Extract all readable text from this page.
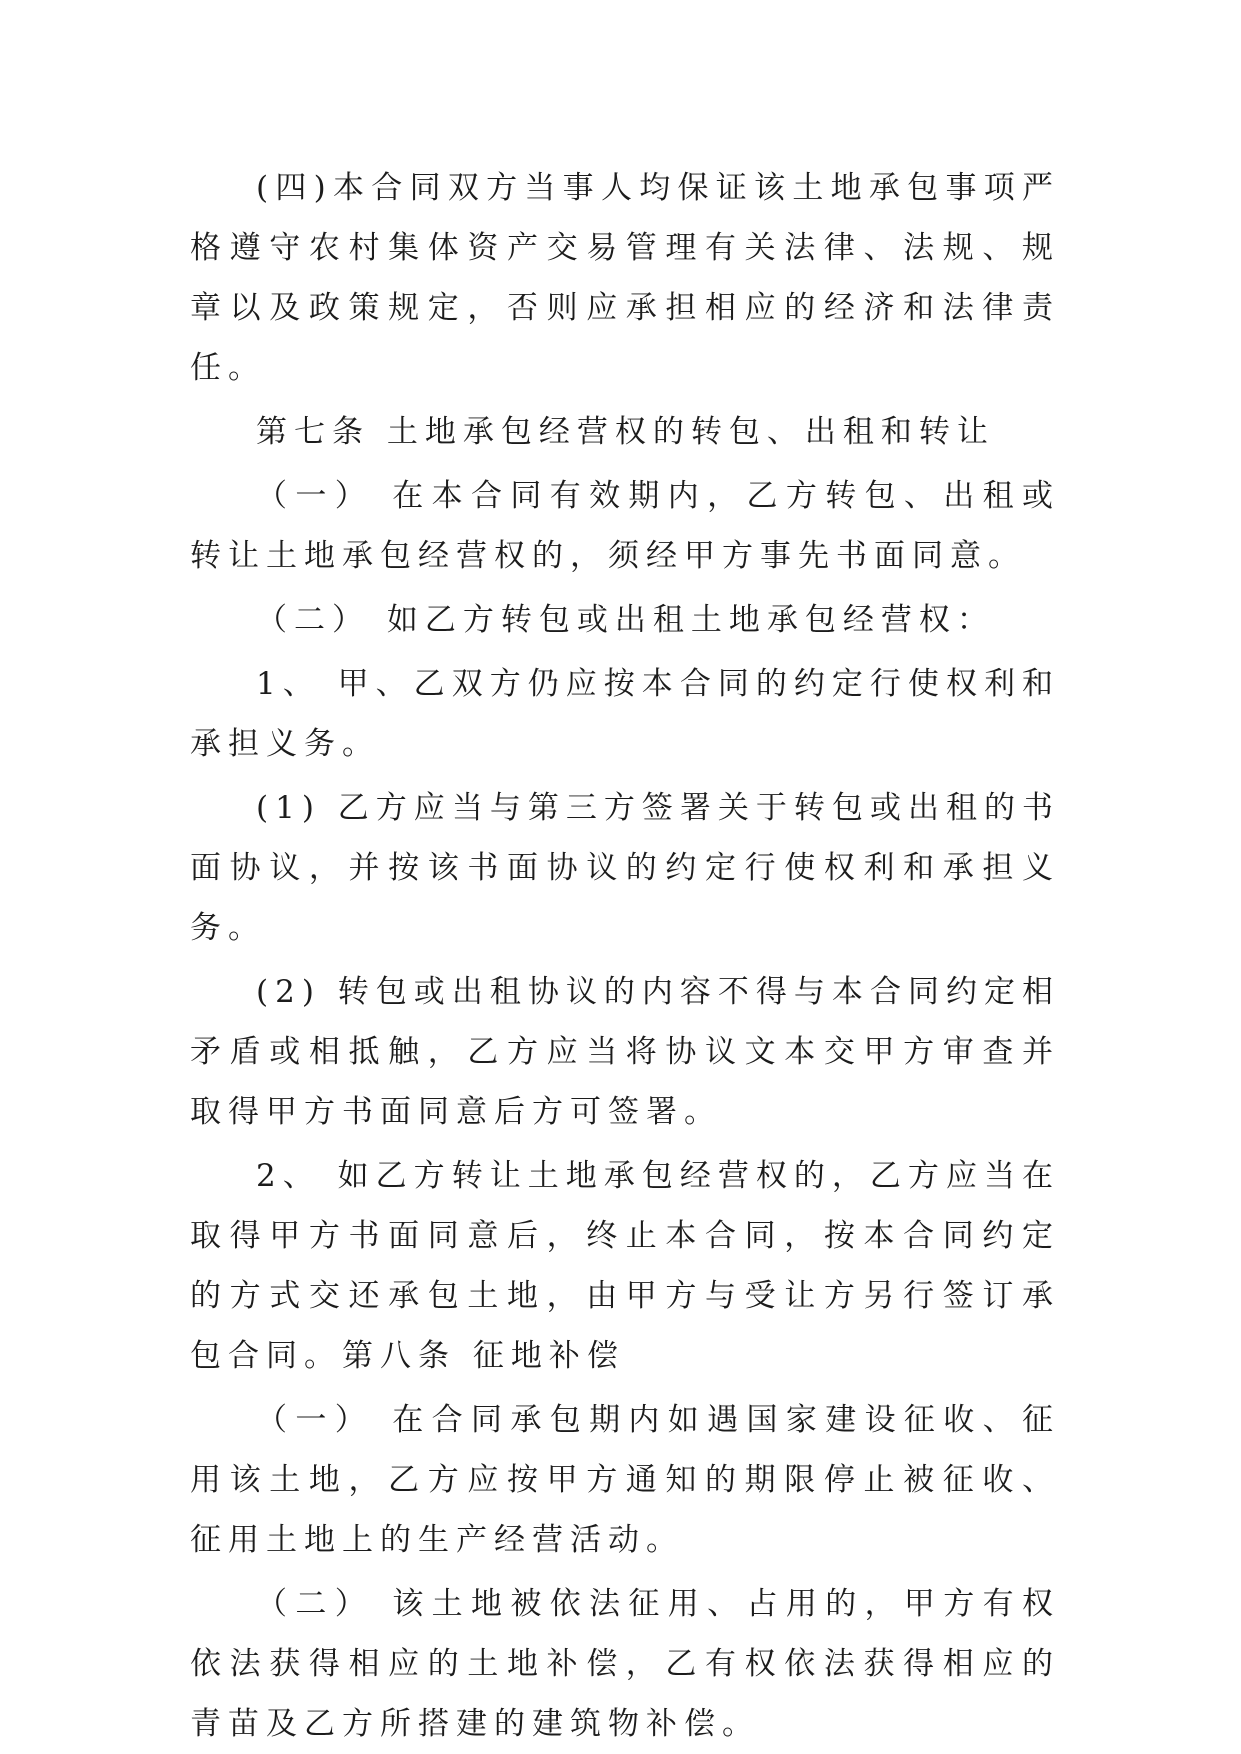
(四)本合同双方当事人均保证该土地承包事项严格遵守农村集体资产交易管理有关法律、法规、规章以及政策规定，否则应承担相应的经济和法律责任。

第七条 土地承包经营权的转包、出租和转让

（一） 在本合同有效期内，乙方转包、出租或转让土地承包经营权的，须经甲方事先书面同意。

（二） 如乙方转包或出租土地承包经营权：

1、 甲、乙双方仍应按本合同的约定行使权利和承担义务。

(1) 乙方应当与第三方签署关于转包或出租的书面协议，并按该书面协议的约定行使权利和承担义务。

(2) 转包或出租协议的内容不得与本合同约定相矛盾或相抵触，乙方应当将协议文本交甲方审查并取得甲方书面同意后方可签署。

2、 如乙方转让土地承包经营权的，乙方应当在取得甲方书面同意后，终止本合同，按本合同约定的方式交还承包土地，由甲方与受让方另行签订承包合同。第八条 征地补偿

（一） 在合同承包期内如遇国家建设征收、征用该土地，乙方应按甲方通知的期限停止被征收、征用土地上的生产经营活动。

（二） 该土地被依法征用、占用的，甲方有权依法获得相应的土地补偿，乙有权依法获得相应的青苗及乙方所搭建的建筑物补偿。
